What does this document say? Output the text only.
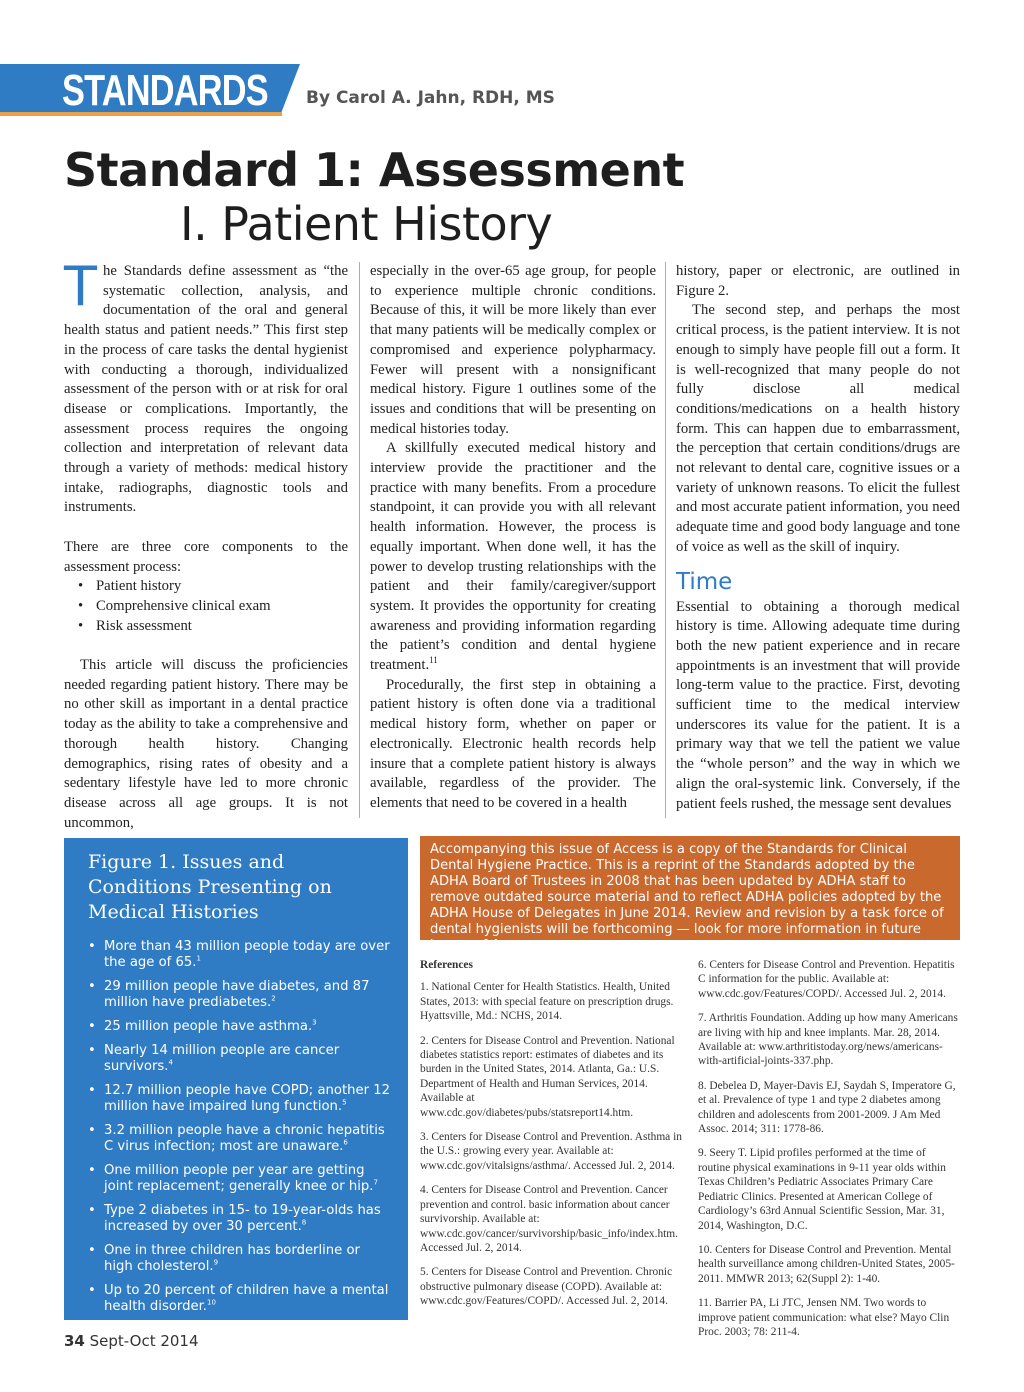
STANDARDS By Carol A. Jahn, RDH, MS
Standard 1: Assessment
I. Patient History
T he Standards define assessment as “the systematic collection, analysis, and documentation of the oral and general health status and patient needs.” This first step in the process of care tasks the dental hygienist with conducting a thorough, individualized assessment of the person with or at risk for oral disease or complications. Importantly, the assessment process requires the ongoing collection and interpretation of relevant data through a variety of methods: medical history intake, radiographs, diagnostic tools and instruments.

There are three core components to the assessment process:

• Patient history
• Comprehensive clinical exam
• Risk assessment

This article will discuss the proficiencies needed regarding patient history. There may be no other skill as important in a dental practice today as the ability to take a comprehensive and thorough health history. Changing demographics, rising rates of obesity and a sedentary lifestyle have led to more chronic disease across all age groups. It is not uncommon,

especially in the over-65 age group, for people to experience multiple chronic conditions. Because of this, it will be more likely than ever that many patients will be medically complex or compromised and experience polypharmacy. Fewer will present with a nonsignificant medical history. Figure 1 outlines some of the issues and conditions that will be presenting on medical histories today.

A skillfully executed medical history and interview provide the practitioner and the practice with many benefits. From a procedure standpoint, it can provide you with all relevant health information. However, the process is equally important. When done well, it has the power to develop trusting relationships with the patient and their family/caregiver/support system. It provides the opportunity for creating awareness and providing information regarding the patient’s condition and dental hygiene treatment.$^{11}$

Procedurally, the first step in obtaining a patient history is often done via a traditional medical history form, whether on paper or electronically. Electronic health records help insure that a complete patient history is always available, regardless of the provider. The elements that need to be covered in a health

history, paper or electronic, are outlined in Figure 2.

The second step, and perhaps the most critical process, is the patient interview. It is not enough to simply have people fill out a form. It is well-recognized that many people do not fully disclose all medical conditions/medications on a health history form. This can happen due to embarrassment, the perception that certain conditions/drugs are not relevant to dental care, cognitive issues or a variety of unknown reasons. To elicit the fullest and most accurate patient information, you need adequate time and good body language and tone of voice as well as the skill of inquiry.

Time

Essential to obtaining a thorough medical history is time. Allowing adequate time during both the new patient experience and in recare appointments is an investment that will provide long-term value to the practice. First, devoting sufficient time to the medical interview underscores its value for the patient. It is a primary way that we tell the patient we value the “whole person” and the way in which we align the oral-systemic link. Conversely, if the patient feels rushed, the message sent devalues

Figure 1. Issues and Conditions Presenting on Medical Histories
• More than 43 million people today are over the age of 65.$^1$
• 29 million people have diabetes, and 87 million have prediabetes.$^2$
• 25 million people have asthma.$^3$
• Nearly 14 million people are cancer survivors.$^4$
• 12.7 million people have COPD; another 12 million have impaired lung function.$^5$
• 3.2 million people have a chronic hepatitis C virus infection; most are unaware.$^6$
• One million people per year are getting joint replacement; generally knee or hip.$^7$
• Type 2 diabetes in 15- to 19-year-olds has increased by over 30 percent.$^8$
• One in three children has borderline or high cholesterol.$^9$
• Up to 20 percent of children have a mental health disorder.$^{10}$
Accompanying this issue of Access is a copy of the Standards for Clinical Dental Hygiene Practice. This is a reprint of the Standards adopted by the ADHA Board of Trustees in 2008 that has been updated by ADHA staff to remove outdated source material and to reflect ADHA policies adopted by the ADHA House of Delegates in June 2014. Review and revision by a task force of dental hygienists will be forthcoming — look for more information in future issues of Access.
References
1. National Center for Health Statistics. Health, United States, 2013: with special feature on prescription drugs. Hyattsville, Md.: NCHS, 2014.
2. Centers for Disease Control and Prevention. National diabetes statistics report: estimates of diabetes and its burden in the United States, 2014. Atlanta, Ga.: U.S. Department of Health and Human Services, 2014. Available at www.cdc.gov/diabetes/pubs/statsreport14.htm.
3. Centers for Disease Control and Prevention. Asthma in the U.S.: growing every year. Available at: www.cdc.gov/vitalsigns/asthma/. Accessed Jul. 2, 2014.
4. Centers for Disease Control and Prevention. Cancer prevention and control. basic information about cancer survivorship. Available at: www.cdc.gov/cancer/survivorship/basic_info/index.htm. Accessed Jul. 2, 2014.
5. Centers for Disease Control and Prevention. Chronic obstructive pulmonary disease (COPD). Available at: www.cdc.gov/Features/COPD/. Accessed Jul. 2, 2014.
6. Centers for Disease Control and Prevention. Hepatitis C information for the public. Available at: www.cdc.gov/Features/COPD/. Accessed Jul. 2, 2014.
7. Arthritis Foundation. Adding up how many Americans are living with hip and knee implants. Mar. 28, 2014. Available at: www.arthritistoday.org/news/americans-with-artificial-joints-337.php.
8. Debelea D, Mayer-Davis EJ, Saydah S, Imperatore G, et al. Prevalence of type 1 and type 2 diabetes among children and adolescents from 2001-2009. J Am Med Assoc. 2014; 311: 1778-86.
9. Seery T. Lipid profiles performed at the time of routine physical examinations in 9-11 year olds within Texas Children’s Pediatric Associates Primary Care Pediatric Clinics. Presented at American College of Cardiology’s 63rd Annual Scientific Session, Mar. 31, 2014, Washington, D.C.
10. Centers for Disease Control and Prevention. Mental health surveillance among children-United States, 2005-2011. MMWR 2013; 62(Suppl 2): 1-40.
11. Barrier PA, Li JTC, Jensen NM. Two words to improve patient communication: what else? Mayo Clin Proc. 2003; 78: 211-4.
34 Sept-Oct 2014
